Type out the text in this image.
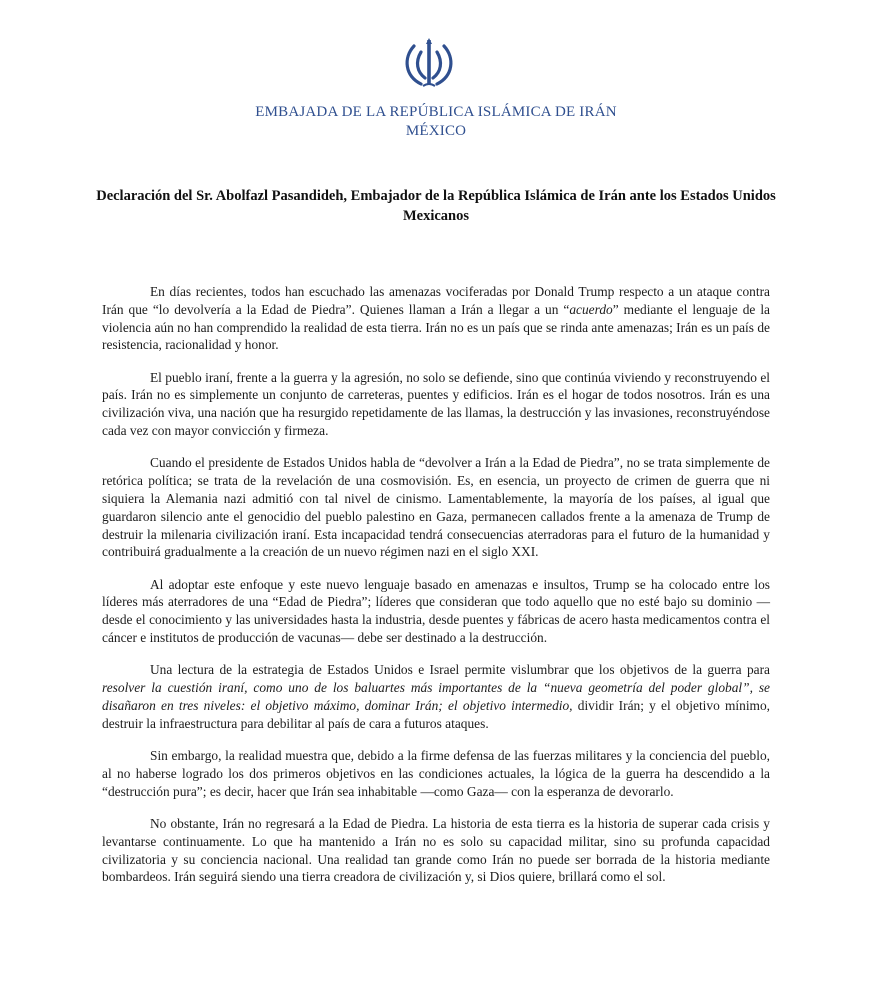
EMBAJADA DE LA REPÚBLICA ISLÁMICA DE IRÁN
MÉXICO
Declaración del Sr. Abolfazl Pasandideh, Embajador de la República Islámica de Irán ante los Estados Unidos Mexicanos

En días recientes, todos han escuchado las amenazas vociferadas por Donald Trump respecto a un ataque contra Irán que “lo devolvería a la Edad de Piedra”. Quienes llaman a Irán a llegar a un “acuerdo” mediante el lenguaje de la violencia aún no han comprendido la realidad de esta tierra. Irán no es un país que se rinda ante amenazas; Irán es un país de resistencia, racionalidad y honor.

El pueblo iraní, frente a la guerra y la agresión, no solo se defiende, sino que continúa viviendo y reconstruyendo el país. Irán no es simplemente un conjunto de carreteras, puentes y edificios. Irán es el hogar de todos nosotros. Irán es una civilización viva, una nación que ha resurgido repetidamente de las llamas, la destrucción y las invasiones, reconstruyéndose cada vez con mayor convicción y firmeza.

Cuando el presidente de Estados Unidos habla de “devolver a Irán a la Edad de Piedra”, no se trata simplemente de retórica política; se trata de la revelación de una cosmovisión. Es, en esencia, un proyecto de crimen de guerra que ni siquiera la Alemania nazi admitió con tal nivel de cinismo. Lamentablemente, la mayoría de los países, al igual que guardaron silencio ante el genocidio del pueblo palestino en Gaza, permanecen callados frente a la amenaza de Trump de destruir la milenaria civilización iraní. Esta incapacidad tendrá consecuencias aterradoras para el futuro de la humanidad y contribuirá gradualmente a la creación de un nuevo régimen nazi en el siglo XXI.

Al adoptar este enfoque y este nuevo lenguaje basado en amenazas e insultos, Trump se ha colocado entre los líderes más aterradores de una “Edad de Piedra”; líderes que consideran que todo aquello que no esté bajo su dominio —desde el conocimiento y las universidades hasta la industria, desde puentes y fábricas de acero hasta medicamentos contra el cáncer e institutos de producción de vacunas— debe ser destinado a la destrucción.

Una lectura de la estrategia de Estados Unidos e Israel permite vislumbrar que los objetivos de la guerra para resolver la cuestión iraní, como uno de los baluartes más importantes de la “nueva geometría del poder global”, se disañaron en tres niveles: el objetivo máximo, dominar Irán; el objetivo intermedio, dividir Irán; y el objetivo mínimo, destruir la infraestructura para debilitar al país de cara a futuros ataques.

Sin embargo, la realidad muestra que, debido a la firme defensa de las fuerzas militares y la conciencia del pueblo, al no haberse logrado los dos primeros objetivos en las condiciones actuales, la lógica de la guerra ha descendido a la “destrucción pura”; es decir, hacer que Irán sea inhabitable —como Gaza— con la esperanza de devorarlo.

No obstante, Irán no regresará a la Edad de Piedra. La historia de esta tierra es la historia de superar cada crisis y levantarse continuamente. Lo que ha mantenido a Irán no es solo su capacidad militar, sino su profunda capacidad civilizatoria y su conciencia nacional. Una realidad tan grande como Irán no puede ser borrada de la historia mediante bombardeos. Irán seguirá siendo una tierra creadora de civilización y, si Dios quiere, brillará como el sol.
